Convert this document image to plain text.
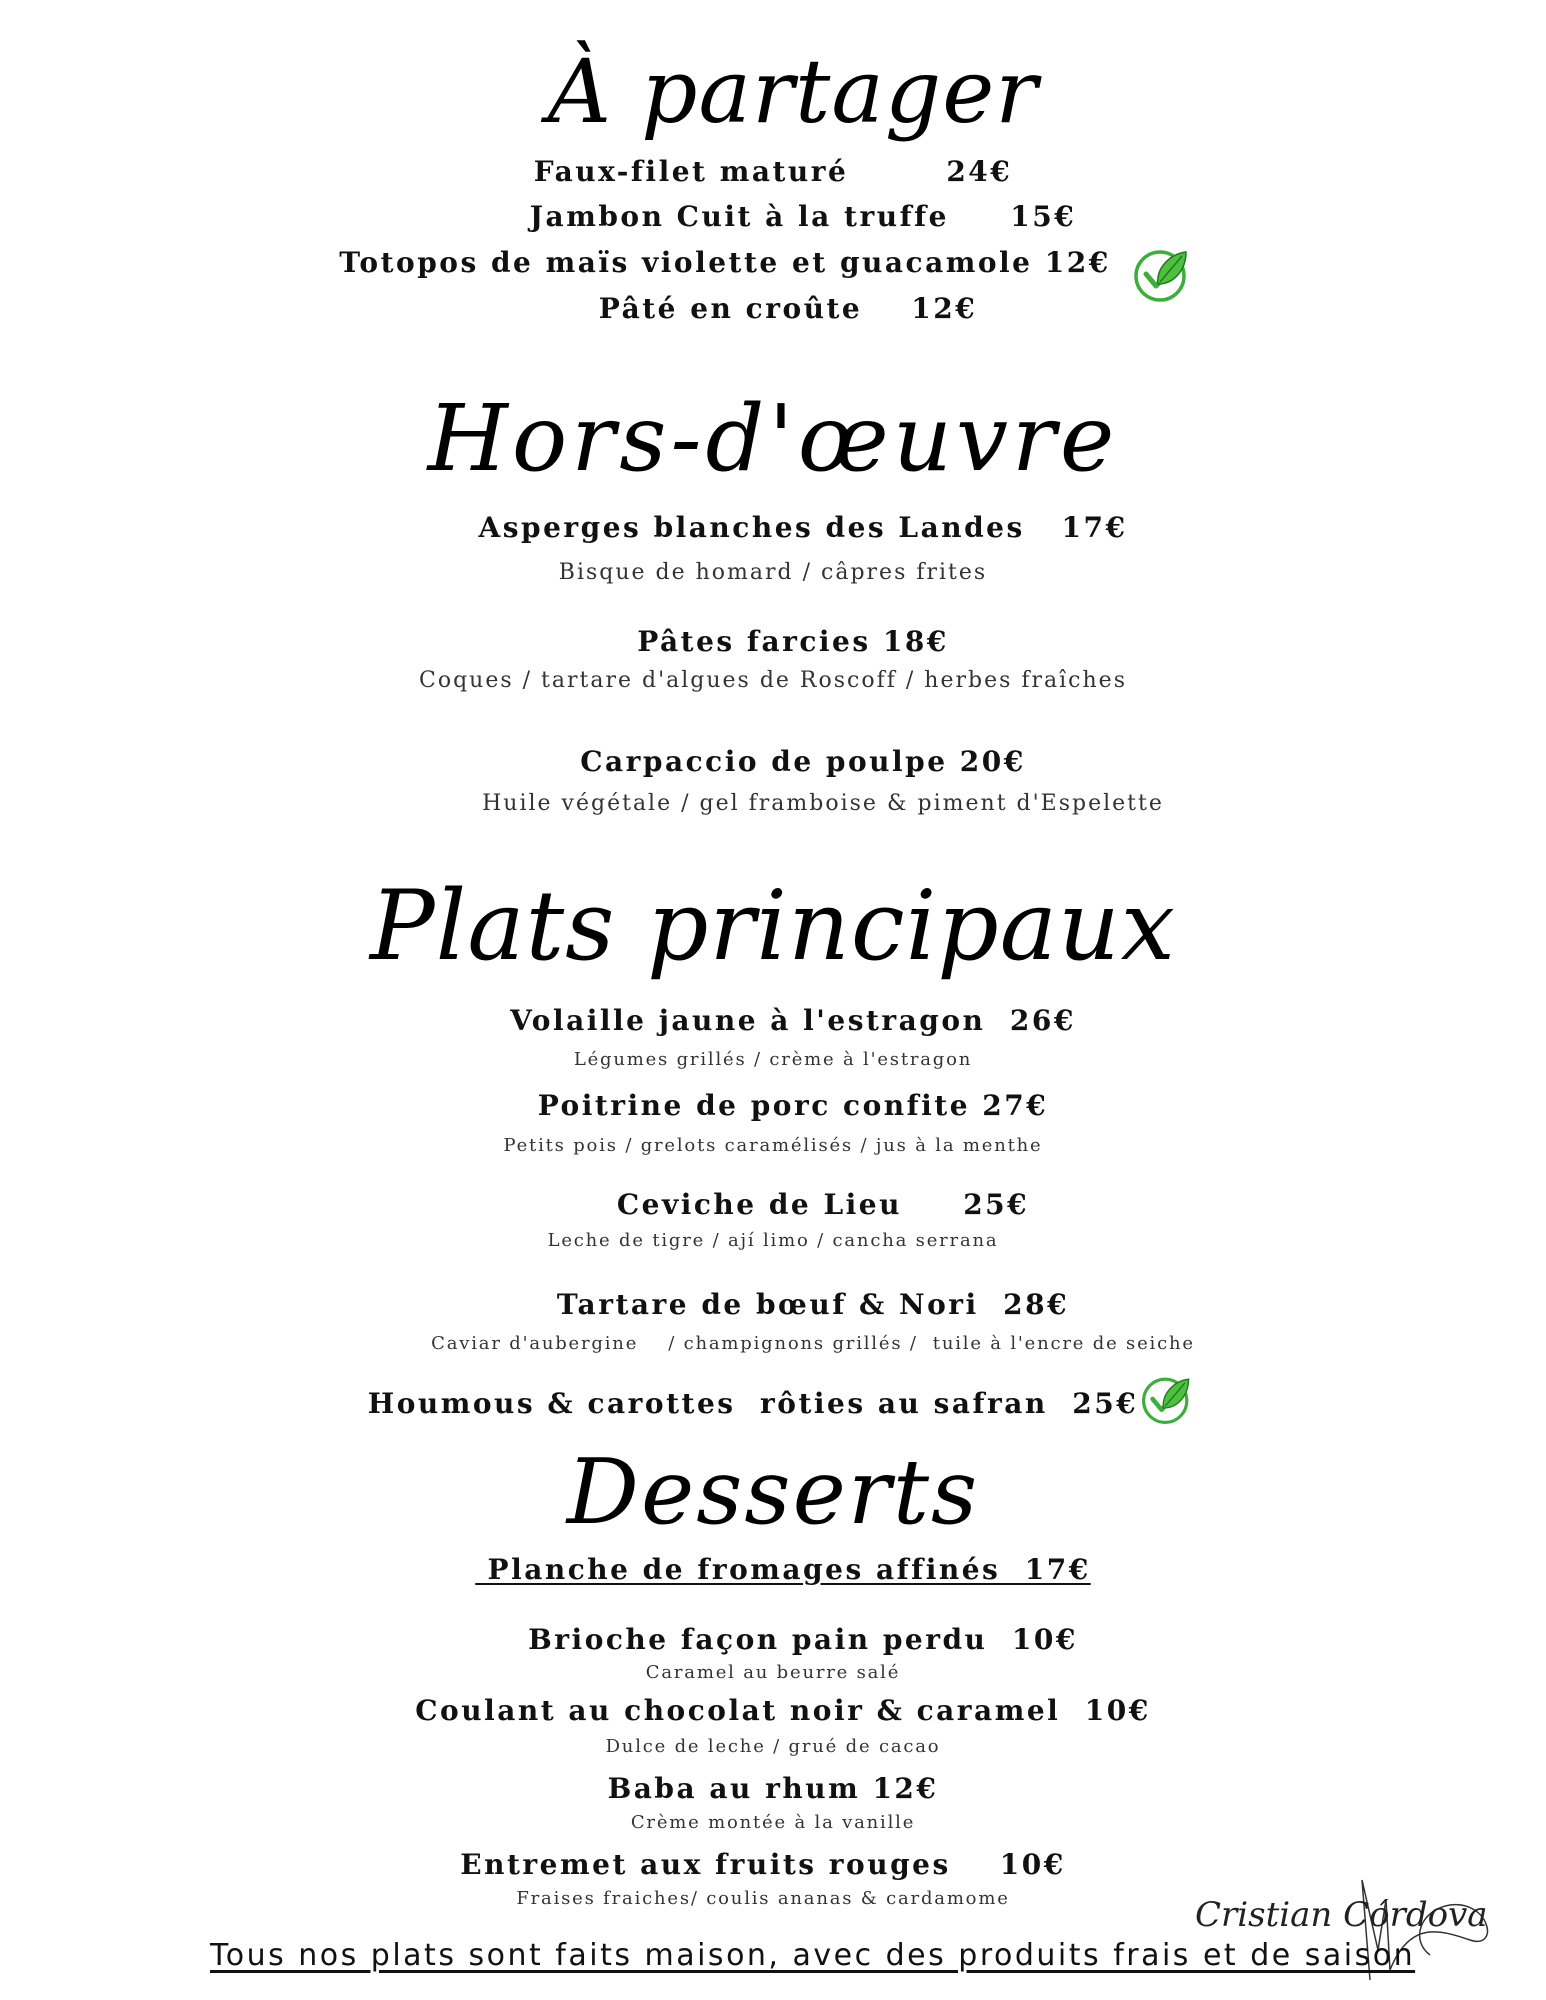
À partager
Faux-filet maturé        24€
Jambon Cuit à la truffe     15€
Totopos de maïs violette et guacamole 12€
Pâté en croûte    12€
Hors-d'œuvre
Asperges blanches des Landes   17€
Bisque de homard / câpres frites
Pâtes farcies 18€
Coques / tartare d'algues de Roscoff / herbes fraîches
Carpaccio de poulpe 20€
Huile végétale / gel framboise & piment d'Espelette
Plats principaux
Volaille jaune à l'estragon  26€
Légumes grillés / crème à l'estragon
Poitrine de porc confite 27€
Petits pois / grelots caramélisés / jus à la menthe
Ceviche de Lieu     25€
Leche de tigre / ají limo / cancha serrana
Tartare de bœuf & Nori  28€
Caviar d'aubergine    / champignons grillés /  tuile à l'encre de seiche
Houmous & carottes  rôties au safran  25€
Desserts
Planche de fromages affinés  17€
Brioche façon pain perdu  10€
Caramel au beurre salé
Coulant au chocolat noir & caramel  10€
Dulce de leche / grué de cacao
Baba au rhum 12€
Crème montée à la vanille
Entremet aux fruits rouges    10€
Fraises fraiches/ coulis ananas & cardamome	Cristian Córdova
Tous nos plats sont faits maison, avec des produits frais et de saison
